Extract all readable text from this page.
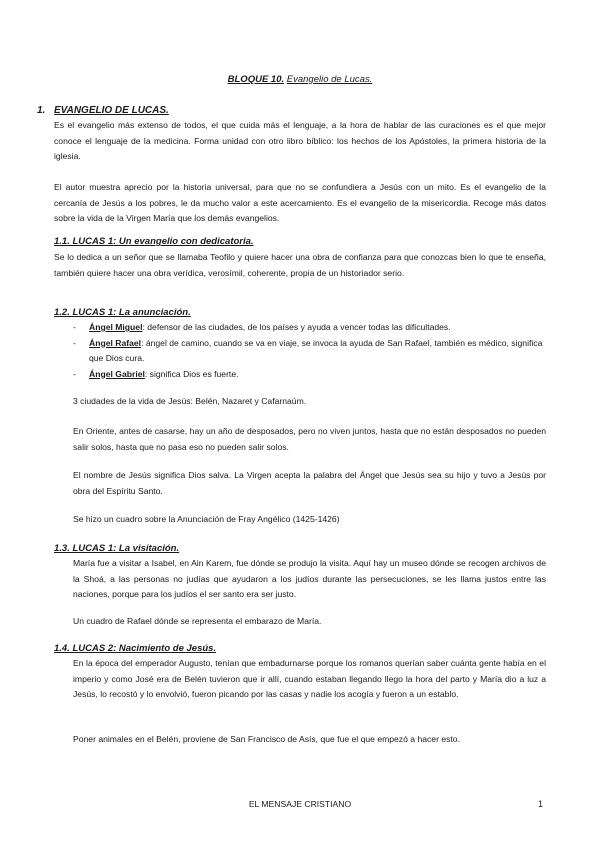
BLOQUE 10. Evangelio de Lucas.
1. EVANGELIO DE LUCAS.
Es el evangelio más extenso de todos, el que cuida más el lenguaje, a la hora de hablar de las curaciones es el que mejor conoce el lenguaje de la medicina. Forma unidad con otro libro bíblico: los hechos de los Apóstoles, la primera historia de la iglesia.
El autor muestra aprecio por la historia universal, para que no se confundiera a Jesús con un mito. Es el evangelio de la cercanía de Jesús a los pobres, le da mucho valor a este acercamiento. Es el evangelio de la misericordia. Recoge más datos sobre la vida de la Virgen María que los demás evangelios.
1.1. LUCAS 1: Un evangelio con dedicatoria.
Se lo dedica a un señor que se llamaba Teofilo y quiere hacer una obra de confianza para que conozcas bien lo que te enseña, también quiere hacer una obra verídica, verosímil, coherente, propia de un historiador serio.
1.2. LUCAS 1: La anunciación.
- Ángel Miguel: defensor de las ciudades, de los países y ayuda a vencer todas las dificultades.
- Ángel Rafael: ángel de camino, cuando se va en viaje, se invoca la ayuda de San Rafael, también es médico, significa que Dios cura.
- Ángel Gabriel: significa Dios es fuerte.
3 ciudades de la vida de Jesús: Belén, Nazaret y Cafarnaúm.
En Oriente, antes de casarse, hay un año de desposados, pero no viven juntos, hasta que no están desposados no pueden salir solos, hasta que no pasa eso no pueden salir solos.
El nombre de Jesús significa Dios salva. La Virgen acepta la palabra del Ángel que Jesús sea su hijo y tuvo a Jesús por obra del Espíritu Santo.
Se hizo un cuadro sobre la Anunciación de Fray Angélico (1425-1426)
1.3. LUCAS 1: La visitación.
María fue a visitar a Isabel, en Ain Karem, fue dónde se produjo la visita. Aquí hay un museo dónde se recogen archivos de la Shoá, a las personas no judías que ayudaron a los judíos durante las persecuciones, se les llama justos entre las naciones, porque para los judíos el ser santo era ser justo.
Un cuadro de Rafael dónde se representa el embarazo de María.
1.4. LUCAS 2: Nacimiento de Jesús.
En la época del emperador Augusto, tenían que embadurnarse porque los romanos querían saber cuánta gente había en el imperio y como José era de Belén tuvieron que ir allí, cuando estaban llegando llego la hora del parto y María dio a luz a Jesús, lo recostó y lo envolvió, fueron picando por las casas y nadie los acogía y fueron a un establo.
Poner animales en el Belén, proviene de San Francisco de Asís, que fue el que empezó a hacer esto.
EL MENSAJE CRISTIANO	1
